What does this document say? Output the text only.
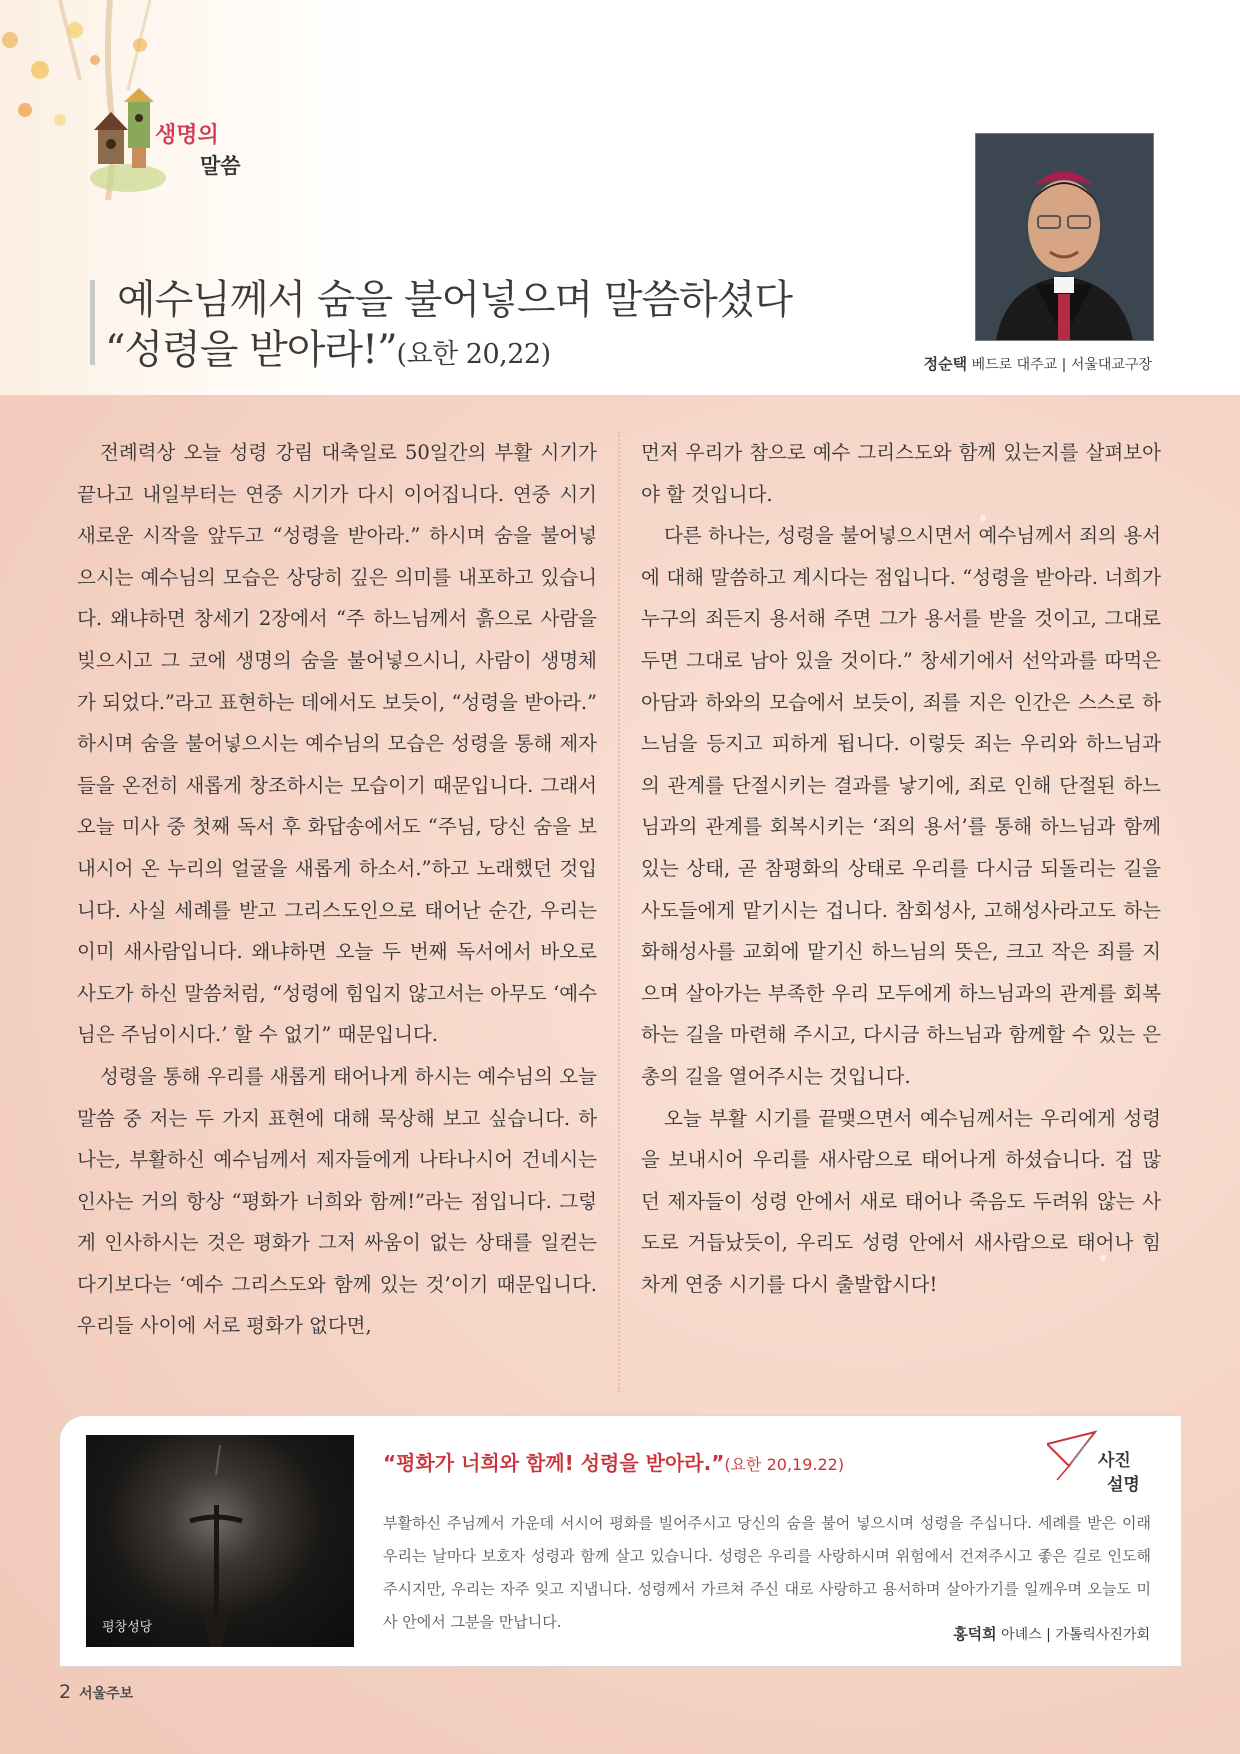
생명의
말씀
예수님께서 숨을 불어넣으며 말씀하셨다
“성령을 받아라!”(요한 20,22)	정순택 베드로 대주교 | 서울대교구장

전례력상 오늘 성령 강림 대축일로 50일간의 부활 시기가 끝나고 내일부터는 연중 시기가 다시 이어집니다. 연중 시기 새로운 시작을 앞두고 “성령을 받아라.” 하시며 숨을 불어넣으시는 예수님의 모습은 상당히 깊은 의미를 내포하고 있습니다. 왜냐하면 창세기 2장에서 “주 하느님께서 흙으로 사람을 빚으시고 그 코에 생명의 숨을 불어넣으시니, 사람이 생명체가 되었다.”라고 표현하는 데에서도 보듯이, “성령을 받아라.” 하시며 숨을 불어넣으시는 예수님의 모습은 성령을 통해 제자들을 온전히 새롭게 창조하시는 모습이기 때문입니다. 그래서 오늘 미사 중 첫째 독서 후 화답송에서도 “주님, 당신 숨을 보내시어 온 누리의 얼굴을 새롭게 하소서.”하고 노래했던 것입니다. 사실 세례를 받고 그리스도인으로 태어난 순간, 우리는 이미 새사람입니다. 왜냐하면 오늘 두 번째 독서에서 바오로 사도가 하신 말씀처럼, “성령에 힘입지 않고서는 아무도 ‘예수님은 주님이시다.’ 할 수 없기” 때문입니다.

성령을 통해 우리를 새롭게 태어나게 하시는 예수님의 오늘 말씀 중 저는 두 가지 표현에 대해 묵상해 보고 싶습니다. 하나는, 부활하신 예수님께서 제자들에게 나타나시어 건네시는 인사는 거의 항상 “평화가 너희와 함께!”라는 점입니다. 그렇게 인사하시는 것은 평화가 그저 싸움이 없는 상태를 일컫는다기보다는 ‘예수 그리스도와 함께 있는 것’이기 때문입니다. 우리들 사이에 서로 평화가 없다면,

먼저 우리가 참으로 예수 그리스도와 함께 있는지를 살펴보아야 할 것입니다.

다른 하나는, 성령을 불어넣으시면서 예수님께서 죄의 용서에 대해 말씀하고 계시다는 점입니다. “성령을 받아라. 너희가 누구의 죄든지 용서해 주면 그가 용서를 받을 것이고, 그대로 두면 그대로 남아 있을 것이다.” 창세기에서 선악과를 따먹은 아담과 하와의 모습에서 보듯이, 죄를 지은 인간은 스스로 하느님을 등지고 피하게 됩니다. 이렇듯 죄는 우리와 하느님과의 관계를 단절시키는 결과를 낳기에, 죄로 인해 단절된 하느님과의 관계를 회복시키는 ‘죄의 용서’를 통해 하느님과 함께 있는 상태, 곧 참평화의 상태로 우리를 다시금 되돌리는 길을 사도들에게 맡기시는 겁니다. 참회성사, 고해성사라고도 하는 화해성사를 교회에 맡기신 하느님의 뜻은, 크고 작은 죄를 지으며 살아가는 부족한 우리 모두에게 하느님과의 관계를 회복하는 길을 마련해 주시고, 다시금 하느님과 함께할 수 있는 은총의 길을 열어주시는 것입니다.

오늘 부활 시기를 끝맺으면서 예수님께서는 우리에게 성령을 보내시어 우리를 새사람으로 태어나게 하셨습니다. 겁 많던 제자들이 성령 안에서 새로 태어나 죽음도 두려워 않는 사도로 거듭났듯이, 우리도 성령 안에서 새사람으로 태어나 힘차게 연중 시기를 다시 출발합시다!

평창성당
사진
설명
“평화가 너희와 함께! 성령을 받아라.”(요한 20,19.22)
부활하신 주님께서 가운데 서시어 평화를 빌어주시고 당신의 숨을 불어 넣으시며 성령을 주십니다. 세례를 받은 이래 우리는 날마다 보호자 성령과 함께 살고 있습니다. 성령은 우리를 사랑하시며 위험에서 건져주시고 좋은 길로 인도해 주시지만, 우리는 자주 잊고 지냅니다. 성령께서 가르쳐 주신 대로 사랑하고 용서하며 살아가기를 일깨우며 오늘도 미사 안에서 그분을 만납니다.
홍덕희 아녜스 | 가톨릭사진가회
2 서울주보
